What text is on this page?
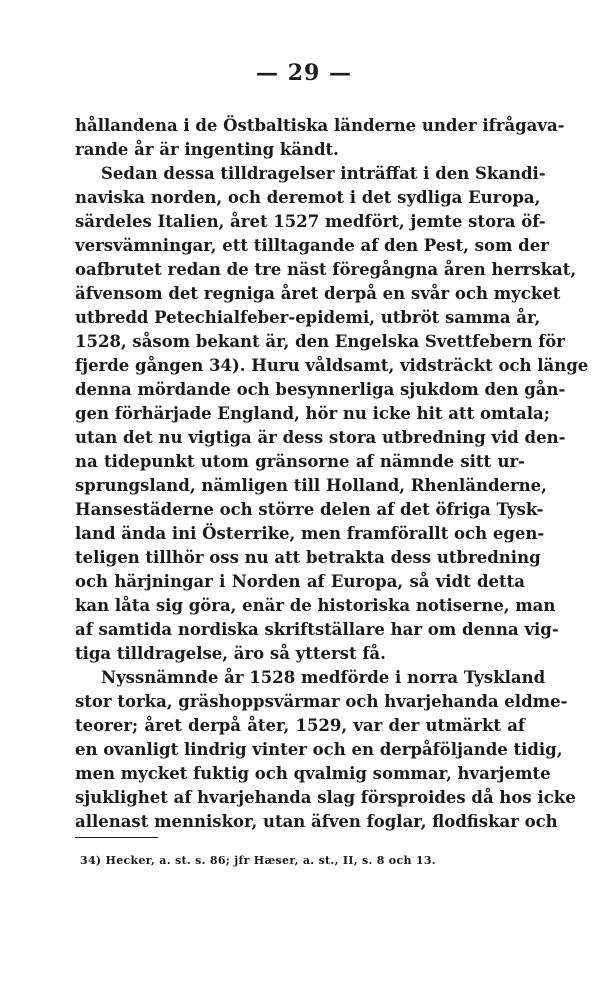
— 29 —
hållandena i de Östbaltiska länderne under ifrågava-
rande år är ingenting kändt.
Sedan dessa tilldragelser inträffat i den Skandi-
naviska norden, och deremot i det sydliga Europa,
särdeles Italien, året 1527 medfört, jemte stora öf-
versvämningar, ett tilltagande af den Pest, som der
oafbrutet redan de tre näst föregångna åren herrskat,
äfvensom det regniga året derpå en svår och mycket
utbredd Petechialfeber-epidemi, utbröt samma år,
1528, såsom bekant är, den Engelska Svettfebern för
fjerde gången 34). Huru våldsamt, vidsträckt och länge
denna mördande och besynnerliga sjukdom den gån-
gen förhärjade England, hör nu icke hit att omtala;
utan det nu vigtiga är dess stora utbredning vid den-
na tidepunkt utom gränsorne af nämnde sitt ur-
sprungsland, nämligen till Holland, Rhenländerne,
Hansestäderne och större delen af det öfriga Tysk-
land ända ini Österrike, men framförallt och egen-
teligen tillhör oss nu att betrakta dess utbredning
och härjningar i Norden af Europa, så vidt detta
kan låta sig göra, enär de historiska notiserne, man
af samtida nordiska skriftställare har om denna vig-
tiga tilldragelse, äro så ytterst få.
Nyssnämnde år 1528 medförde i norra Tyskland
stor torka, gräshoppsvärmar och hvarjehanda eldme-
teorer; året derpå åter, 1529, var der utmärkt af
en ovanligt lindrig vinter och en derpåföljande tidig,
men mycket fuktig och qvalmig sommar, hvarjemte
sjuklighet af hvarjehanda slag försproides då hos icke
allenast menniskor, utan äfven foglar, flodfiskar och
34) Hecker, a. st. s. 86; jfr Hæser, a. st., II, s. 8 och 13.
